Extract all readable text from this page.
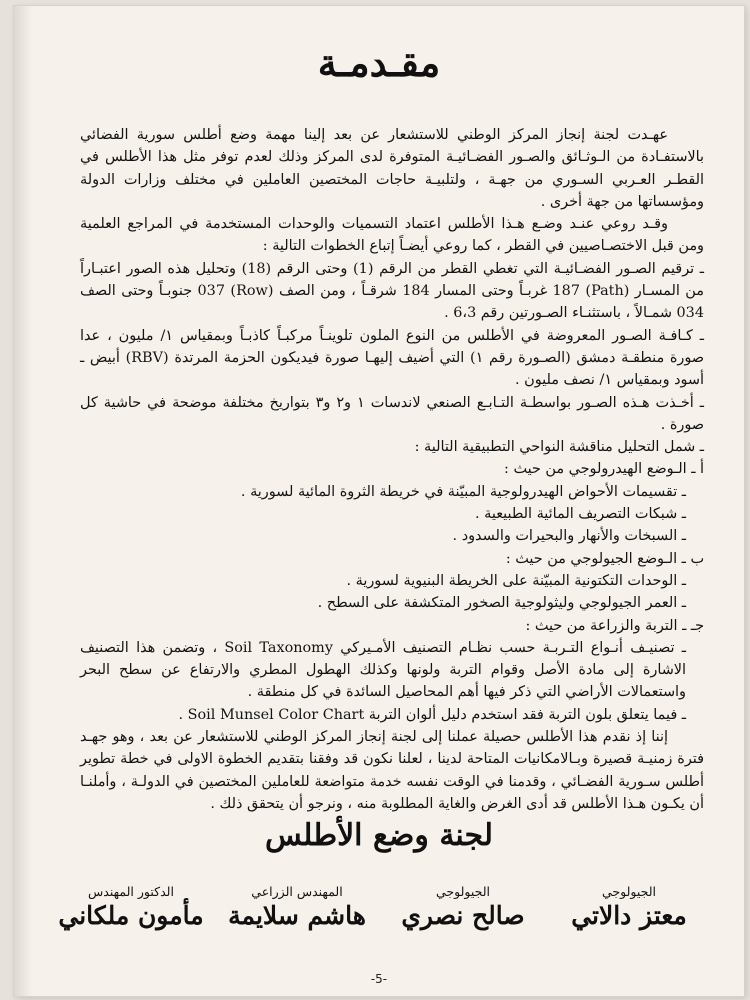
مقـدمـة

عهـدت لجنة إنجاز المركز الوطني للاستشعار عن بعد إلينا مهمة وضع أطلس سورية الفضائي بالاستفـادة من الـوثـائق والصـور الفضـائيـة المتوفرة لدى المركز وذلك لعدم توفر مثل هذا الأطلس في القطـر العـربي السـوري من جهـة ، ولتلبيـة حاجات المختصين العاملين في مختلف وزارات الدولة ومؤسساتها من جهة أخرى .

وقـد روعي عنـد وضـع هـذا الأطلس اعتماد التسميات والوحدات المستخدمة في المراجع العلمية ومن قبل الاختصـاصيين في القطر ، كما روعي أيضـاً إتباع الخطوات التالية :

ـ ترقيم الصـور الفضـائيـة التي تغطي القطر من الرقم (1) وحتى الرقم (18) وتحليل هذه الصور اعتبـاراً من المسـار (Path) 187 غربـاً وحتى المسار 184 شرقـاً ، ومن الصف (Row) 037 جنوبـاً وحتى الصف 034 شمـالاً ، باستثنـاء الصـورتين رقم 6،3 .

ـ كـافـة الصـور المعروضة في الأطلس من النوع الملون تلوينـاً مركبـاً كاذبـاً وبمقياس ١/ مليون ، عدا صورة منطقـة دمشق (الصـورة رقم ١) التي أضيف إليهـا صورة فيديكون الحزمة المرتدة (RBV) أبيض ـ أسود وبمقياس ١/ نصف مليون .

ـ أخـذت هـذه الصـور بواسطـة التـابـع الصنعي لاندسات ١ و٢ و٣ بتواريخ مختلفة موضحة في حاشية كل صورة .

ـ شمل التحليل مناقشة النواحي التطبيقية التالية :

أ ـ الـوضع الهيدرولوجي من حيث :

ـ تقسيمات الأحواض الهيدرولوجية المبيّنة في خريطة الثروة المائية لسورية .

ـ شبكات التصريف المائية الطبيعية .

ـ السبخات والأنهار والبحيرات والسدود .

ب ـ الـوضع الجيولوجي من حيث :

ـ الوحدات التكتونية المبيّنة على الخريطة البنيوية لسورية .

ـ العمر الجيولوجي وليثولوجية الصخور المتكشفة على السطح .

جـ ـ التربة والزراعة من حيث :

ـ تصنيـف أنـواع التـربـة حسب نظـام التصنيف الأمـيركي Soil Taxonomy ، وتضمن هذا التصنيف الاشارة إلى مادة الأصل وقوام التربة ولونها وكذلك الهطول المطري والارتفاع عن سطح البحر واستعمالات الأراضي التي ذكر فيها أهم المحاصيل السائدة في كل منطقة .

ـ فيما يتعلق بلون التربة فقد استخدم دليل ألوان التربة Soil Munsel Color Chart .

إننا إذ نقدم هذا الأطلس حصيلة عملنا إلى لجنة إنجاز المركز الوطني للاستشعار عن بعد ، وهو جهـد فترة زمنيـة قصيرة وبـالامكانيات المتاحة لدينا ، لعلنا نكون قد وفقنا بتقديم الخطوة الاولى في خطة تطوير أطلس سـورية الفضـائي ، وقدمنا في الوقت نفسه خدمة متواضعة للعاملين المختصين في الدولـة ، وأملنـا أن يكـون هـذا الأطلس قد أدى الغرض والغاية المطلوبة منه ، ونرجو أن يتحقق ذلك .

لجنة وضع الأطلس
الجيولوجي
معتز دالاتي
الجيولوجي
صالح نصري
المهندس الزراعي
هاشم سلايمة
الدكتور المهندس
مأمون ملكاني
-5-
